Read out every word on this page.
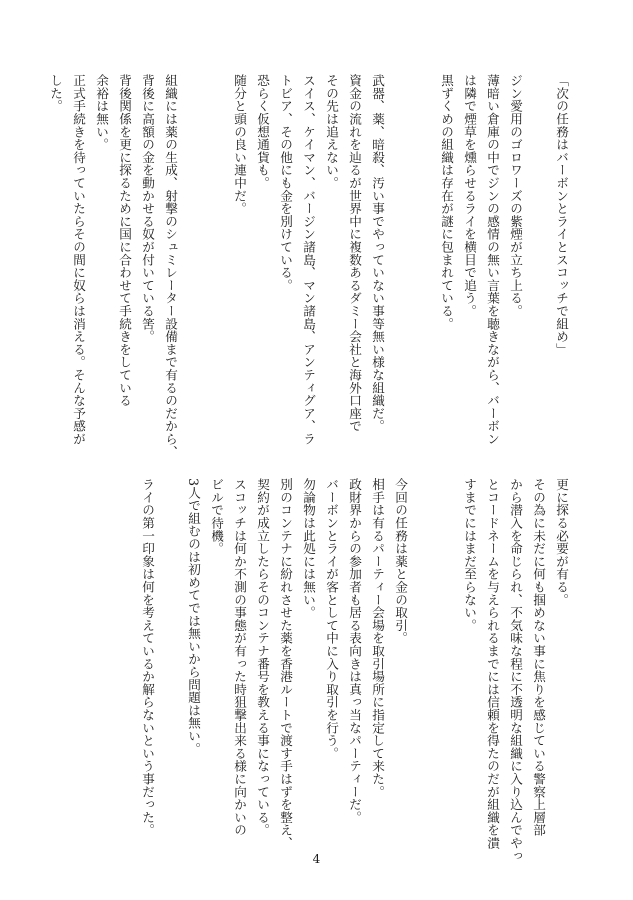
「次の任務はバーボンとライとスコッチで組め」
ジン愛用のゴロワーズの紫煙が立ち上る。
薄暗い倉庫の中でジンの感情の無い言葉を聴きながら、バーボン
は隣で煙草を燻らせるライを横目で追う。
黒ずくめの組織は存在が謎に包まれている。
武器、薬、暗殺、汚い事でやっていない事等無い様な組織だ。
資金の流れを辿るが世界中に複数あるダミー会社と海外口座で
その先は追えない。
スイス、ケイマン、バージン諸島、マン諸島、アンティグア、ラ
トビア、その他にも金を別けている。
恐らく仮想通貨も。
随分と頭の良い連中だ。
組織には薬の生成、射撃のシュミレーター設備まで有るのだから、
背後に高額の金を動かせる奴が付いている筈。
背後関係を更に探るために国に合わせて手続きをしている
余裕は無い。
正式手続きを待っていたらその間に奴らは消える。そんな予感が
した。
更に探る必要が有る。
その為に未だに何も掴めない事に焦りを感じている警察上層部
から潜入を命じられ、不気味な程に不透明な組織に入り込んでやっ
とコードネームを与えられるまでには信頼を得たのだが組織を潰
すまでにはまだ至らない。
今回の任務は薬と金の取引。
相手は有るパーティー会場を取引場所に指定して来た。
政財界からの参加者も居る表向きは真っ当なパーティーだ。
バーボンとライが客として中に入り取引を行う。
勿論物は此処には無い。
別のコンテナに紛れさせた薬を香港ルートで渡す手はずを整え、
契約が成立したらそのコンテナ番号を教える事になっている。
スコッチは何か不測の事態が有った時狙撃出来る様に向かいの
ビルで待機。
3人で組むのは初めてでは無いから問題は無い。
ライの第一印象は何を考えているか解らないという事だった。
4
